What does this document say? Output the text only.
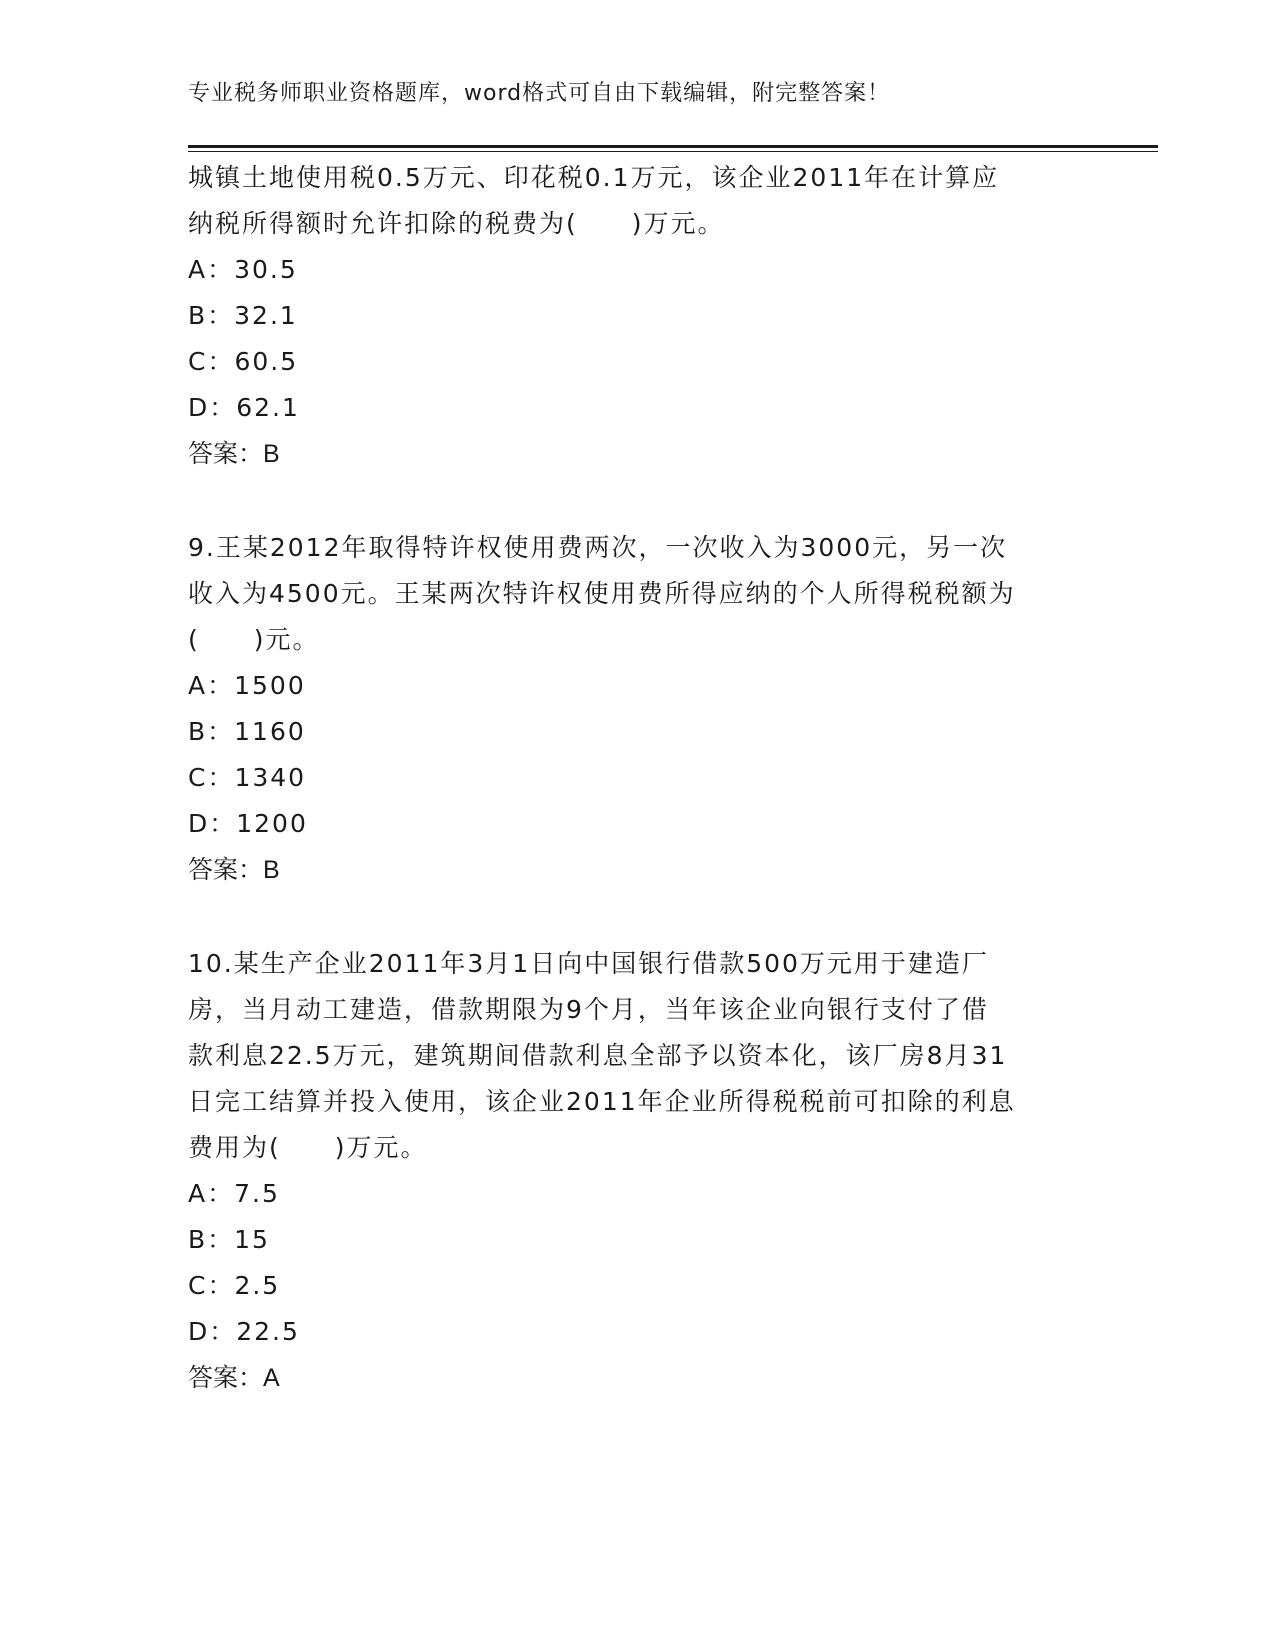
专业税务师职业资格题库，word格式可自由下载编辑，附完整答案！
城镇土地使用税0.5万元、印花税0.1万元，该企业2011年在计算应
纳税所得额时允许扣除的税费为(　　)万元。
A：30.5
B：32.1
C：60.5
D：62.1
答案：B
9.王某2012年取得特许权使用费两次，一次收入为3000元，另一次
收入为4500元。王某两次特许权使用费所得应纳的个人所得税税额为
(　　)元。
A：1500
B：1160
C：1340
D：1200
答案：B
10.某生产企业2011年3月1日向中国银行借款500万元用于建造厂
房，当月动工建造，借款期限为9个月，当年该企业向银行支付了借
款利息22.5万元，建筑期间借款利息全部予以资本化，该厂房8月31
日完工结算并投入使用，该企业2011年企业所得税税前可扣除的利息
费用为(　　)万元。
A：7.5
B：15
C：2.5
D：22.5
答案：A
